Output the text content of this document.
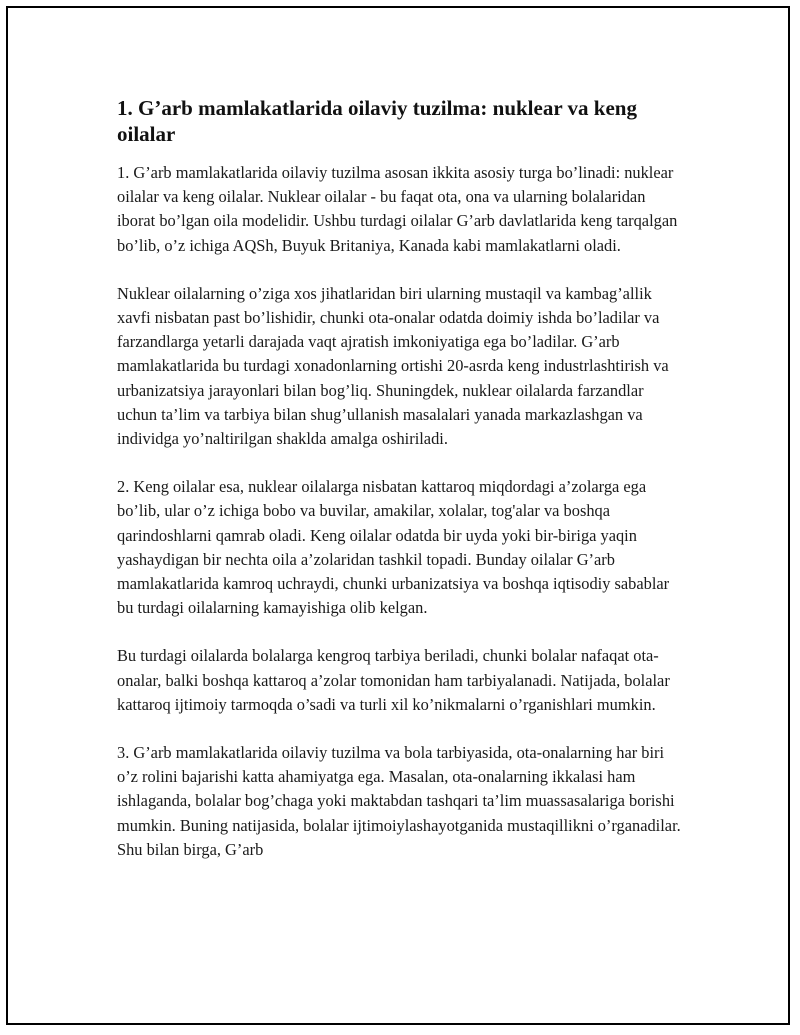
1. G’arb mamlakatlarida oilaviy tuzilma: nuklear va keng oilalar

1. G’arb mamlakatlarida oilaviy tuzilma asosan ikkita asosiy turga bo’linadi: nuklear oilalar va keng oilalar. Nuklear oilalar - bu faqat ota, ona va ularning bolalaridan iborat bo’lgan oila modelidir. Ushbu turdagi oilalar G’arb davlatlarida keng tarqalgan bo’lib, o’z ichiga AQSh, Buyuk Britaniya, Kanada kabi mamlakatlarni oladi.

Nuklear oilalarning o’ziga xos jihatlaridan biri ularning mustaqil va kambag’allik xavfi nisbatan past bo’lishidir, chunki ota-onalar odatda doimiy ishda bo’ladilar va farzandlarga yetarli darajada vaqt ajratish imkoniyatiga ega bo’ladilar. G’arb mamlakatlarida bu turdagi xonadonlarning ortishi 20-asrda keng industrlashtirish va urbanizatsiya jarayonlari bilan bog’liq. Shuningdek, nuklear oilalarda farzandlar uchun ta’lim va tarbiya bilan shug’ullanish masalalari yanada markazlashgan va individga yo’naltirilgan shaklda amalga oshiriladi.

2. Keng oilalar esa, nuklear oilalarga nisbatan kattaroq miqdordagi a’zolarga ega bo’lib, ular o’z ichiga bobo va buvilar, amakilar, xolalar, tog'alar va boshqa qarindoshlarni qamrab oladi. Keng oilalar odatda bir uyda yoki bir-biriga yaqin yashaydigan bir nechta oila a’zolaridan tashkil topadi. Bunday oilalar G’arb mamlakatlarida kamroq uchraydi, chunki urbanizatsiya va boshqa iqtisodiy sabablar bu turdagi oilalarning kamayishiga olib kelgan.

Bu turdagi oilalarda bolalarga kengroq tarbiya beriladi, chunki bolalar nafaqat ota-onalar, balki boshqa kattaroq a’zolar tomonidan ham tarbiyalanadi. Natijada, bolalar kattaroq ijtimoiy tarmoqda o’sadi va turli xil ko’nikmalarni o’rganishlari mumkin.

3. G’arb mamlakatlarida oilaviy tuzilma va bola tarbiyasida, ota-onalarning har biri o’z rolini bajarishi katta ahamiyatga ega. Masalan, ota-onalarning ikkalasi ham ishlaganda, bolalar bog’chaga yoki maktabdan tashqari ta’lim muassasalariga borishi mumkin. Buning natijasida, bolalar ijtimoiylashayotganida mustaqillikni o’rganadilar. Shu bilan birga, G’arb
